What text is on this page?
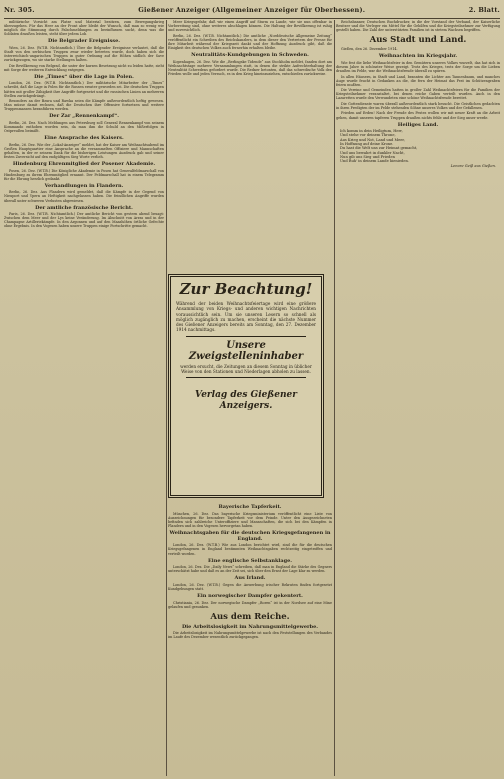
Nr. 305.	Gießener Anzeiger (Allgemeiner Anzeiger für Oberhessen).	2. Blatt.

militärische Vorsicht am Platze und Material besitzen, zum Bewegungskrieg überzugehen. Für das Heer an der Front aber bleibt der Wunsch, daß man so wenig wie möglich die Stimmung durch Falschmeldungen zu beeinflussen sucht, denn was die Soldaten draußen leisten, steht über jedem Lob.

Die Belgrader Ereignisse.

Wien, 26. Dez. (W.T.B. Nichtamtlich.) Über die Belgrader Ereignisse verlautet, daß die Stadt von den serbischen Truppen zwar wieder betreten wurde, doch haben sich die österreichisch-ungarischen Truppen in guter Ordnung auf die Höhen südlich der Save zurückgezogen, wo sie starke Stellungen halten.

Die Bevölkerung von Belgrad, die unter der kurzen Besetzung nicht zu leiden hatte, sieht mit Sorge der weiteren Entwicklung entgegen.

Die „Times“ über die Lage in Polen.

London, 26. Dez. (W.T.B. Nichtamtlich.) Der militärische Mitarbeiter der „Times“ schreibt, daß die Lage in Polen für die Russen ernster geworden sei. Die deutschen Truppen hätten mit großer Zähigkeit ihre Angriffe fortgesetzt und die russischen Linien an mehreren Stellen zurückgedrängt.

Besonders an der Bzura und Rawka seien die Kämpfe außerordentlich heftig gewesen. Man müsse damit rechnen, daß die Deutschen ihre Offensive fortsetzen und weitere Truppenmassen heranführen werden.

Der Zar „Rennenkampf“.

Berlin, 26. Dez. Nach Meldungen aus Petersburg soll General Rennenkampf von seinem Kommando enthoben worden sein, da man ihm die Schuld an den Mißerfolgen in Ostpreußen beimißt.

Eine Ansprache des Kaisers.

Berlin, 26. Dez. Wie der „Lokal-Anzeiger“ meldet, hat der Kaiser am Weihnachtsabend im Großen Hauptquartier eine Ansprache an die versammelten Offiziere und Mannschaften gehalten, in der er seinem Dank für die bisherigen Leistungen Ausdruck gab und seiner festen Zuversicht auf den endgültigen Sieg Worte verlieh.

Hindenburg Ehrenmitglied der Posener Akademie.

Posen, 26. Dez. (W.T.B.) Die Königliche Akademie in Posen hat Generalfeldmarschall von Hindenburg zu ihrem Ehrenmitglied ernannt. Der Feldmarschall hat in einem Telegramm für die Ehrung herzlich gedankt.

Verhandlungen in Flandern.

Berlin, 26. Dez. Aus Flandern wird gemeldet, daß die Kämpfe in der Gegend von Nieuport und Ypern an Heftigkeit nachgelassen haben. Die feindlichen Angriffe wurden überall unter schweren Verlusten abgewiesen.

Der amtliche französische Bericht.

Paris, 26. Dez. (W.T.B. Nichtamtlich.) Der amtliche Bericht von gestern abend besagt: Zwischen dem Meer und der Lys keine Veränderung. Im Abschnitt von Arras und in der Champagne Artilleriekämpfe. In den Argonnen und auf den Maashöhen örtliche Gefechte ohne Ergebnis. In den Vogesen haben unsere Truppen einige Fortschritte gemacht.

Meer Kriegsgefahr, daß wir einen Angriff auf Sturm zu Lande, wie sie nun offenbar in Vorbereitung sind, ohne weiteres abschlagen können. Die Haltung der Bevölkerung ist ruhig und zuversichtlich.

Berlin, 26. Dez. (W.T.B. Nichtamtlich.) Die amtliche „Norddeutsche Allgemeine Zeitung“ veröffentlicht ein Schreiben des Reichskanzlers, in dem dieser den Vertretern der Presse für ihre Mitarbeit während der Kriegszeit dankt und der Hoffnung Ausdruck gibt, daß die Einigkeit des deutschen Volkes auch fernerhin erhalten bleibe.

Neutralitäts-Kundgebungen in Schweden.

Kopenhagen, 26. Dez. Wie die „Berlingske Tidende“ aus Stockholm meldet, fanden dort am Weihnachtstage mehrere Versammlungen statt, in denen die strikte Aufrechterhaltung der Neutralität Schwedens gefordert wurde. Die Redner betonten, daß das schwedische Volk den Frieden wolle und jeden Versuch, es in den Krieg hineinzuziehen, entschieden zurückweise.

Bayerische Tapferkeit.

München, 26. Dez. Das bayerische Kriegsministerium veröffentlicht eine Liste von Auszeichnungen für besondere Tapferkeit vor dem Feinde. Unter den Ausgezeichneten befinden sich zahlreiche Unteroffiziere und Mannschaften, die sich bei den Kämpfen in Flandern und in den Vogesen hervorgetan haben.

Weihnachtsgaben für die deutschen Kriegsgefangenen in England.

London, 26. Dez. (W.T.B.) Wie aus London berichtet wird, sind die für die deutschen Kriegsgefangenen in England bestimmten Weihnachtsgaben rechtzeitig eingetroffen und verteilt worden.

Eine englische Selbstanklage.

London, 26. Dez. Die „Daily News“ schreiben, daß man in England die Stärke des Gegners unterschätzt habe und daß es an der Zeit sei, sich über den Ernst der Lage klar zu werden.

Aus Irland.

London, 26. Dez. (W.T.B.) Gegen die Anwerbung irischer Rekruten finden fortgesetzt Kundgebungen statt.

Ein norwegischer Dampfer gekentert.

Christiania, 26. Dez. Der norwegische Dampfer „Boren“ ist in der Nordsee auf eine Mine gelaufen und gesunken.

Aus dem Reiche.
Die Arbeitslosigkeit im Nahrungsmittelgewerbe.

Die Arbeitslosigkeit im Nahrungsmittelgewerbe ist nach den Feststellungen des Verbandes im Laufe des Dezember wesentlich zurückgegangen.

Reichsbanner, Deutschen Buchdrucker, in die der Vorstand der Verband, der Kaiserliche Besitzer und die Verleger ein Mittel für die Gehilfen und die Kriegsteilnehmer zur Verfügung gestellt haben. Die Zahl der unterstützten Familien ist in stetem Wachsen begriffen.

Aus Stadt und Land.

Gießen, den 26. Dezember 1914.

Weihnachten im Kriegsjahr.

Wie fest die liebe Weihnachtsfeier in den Gemütern unseres Volkes wurzelt, das hat sich in diesem Jahre in schönster Weise gezeigt. Trotz des Krieges, trotz der Sorge um die Lieben draußen im Felde, war die Weihnachtsfreude überall zu spüren.

In allen Häusern, in Stadt und Land, brannten die Lichter am Tannenbaum, und manches Auge wurde feucht in Gedanken an die, die fern der Heimat das Fest im Schützengraben feiern mußten.

Die Vereine und Gemeinden hatten in großer Zahl Weihnachtsfeiern für die Familien der Kriegsteilnehmer veranstaltet, bei denen reiche Gaben verteilt wurden. Auch in den Lazaretten wurde den Verwundeten eine schöne Weihnachtsfreude bereitet.

Die Gottesdienste waren überall außerordentlich stark besucht. Die Geistlichen gedachten in ihren Predigten der im Felde stehenden Söhne unseres Volkes und der Gefallenen.

Frieden auf Erden! Nach der Freude des Festes wollen wir mit neuer Kraft an die Arbeit gehen, damit unseren tapferen Truppen draußen nichts fehle und der Sieg unser werde.

Heiliges Land.
Ich komm in dein Heiligtum, Herr,
Und stehe vor deinem Throne,
Aus Krieg und Not, Land und Meer,
In Hoffnung auf deine Krone.
Du hast die Welt uns zur Heimat gemacht,
Und uns bewahrt in dunkler Nacht,
Nun gib uns Sieg und Frieden
Und Ruh' in deinem Lande hienieden.
Lenore Geiß aus Gießen.
Zur Beachtung!
Während der beiden Weihnachtsfeiertage wird eine größere Ansammlung von Kriegs- und anderen wichtigen Nachrichten voraussichtlich sein. Um sie unseren Lesern so schnell als möglich zugänglich zu machen, erscheint die nächste Nummer des Gießener Anzeigers bereits am Sonntag, den 27. Dezember 1914 nachmittags.
Unsere Zweigstelleninhaber
werden ersucht, die Zeitungen an diesem Sonntag in üblicher Weise von den Stationen und Niederlagen abholen zu lassen.
Verlag des Gießener Anzeigers.
